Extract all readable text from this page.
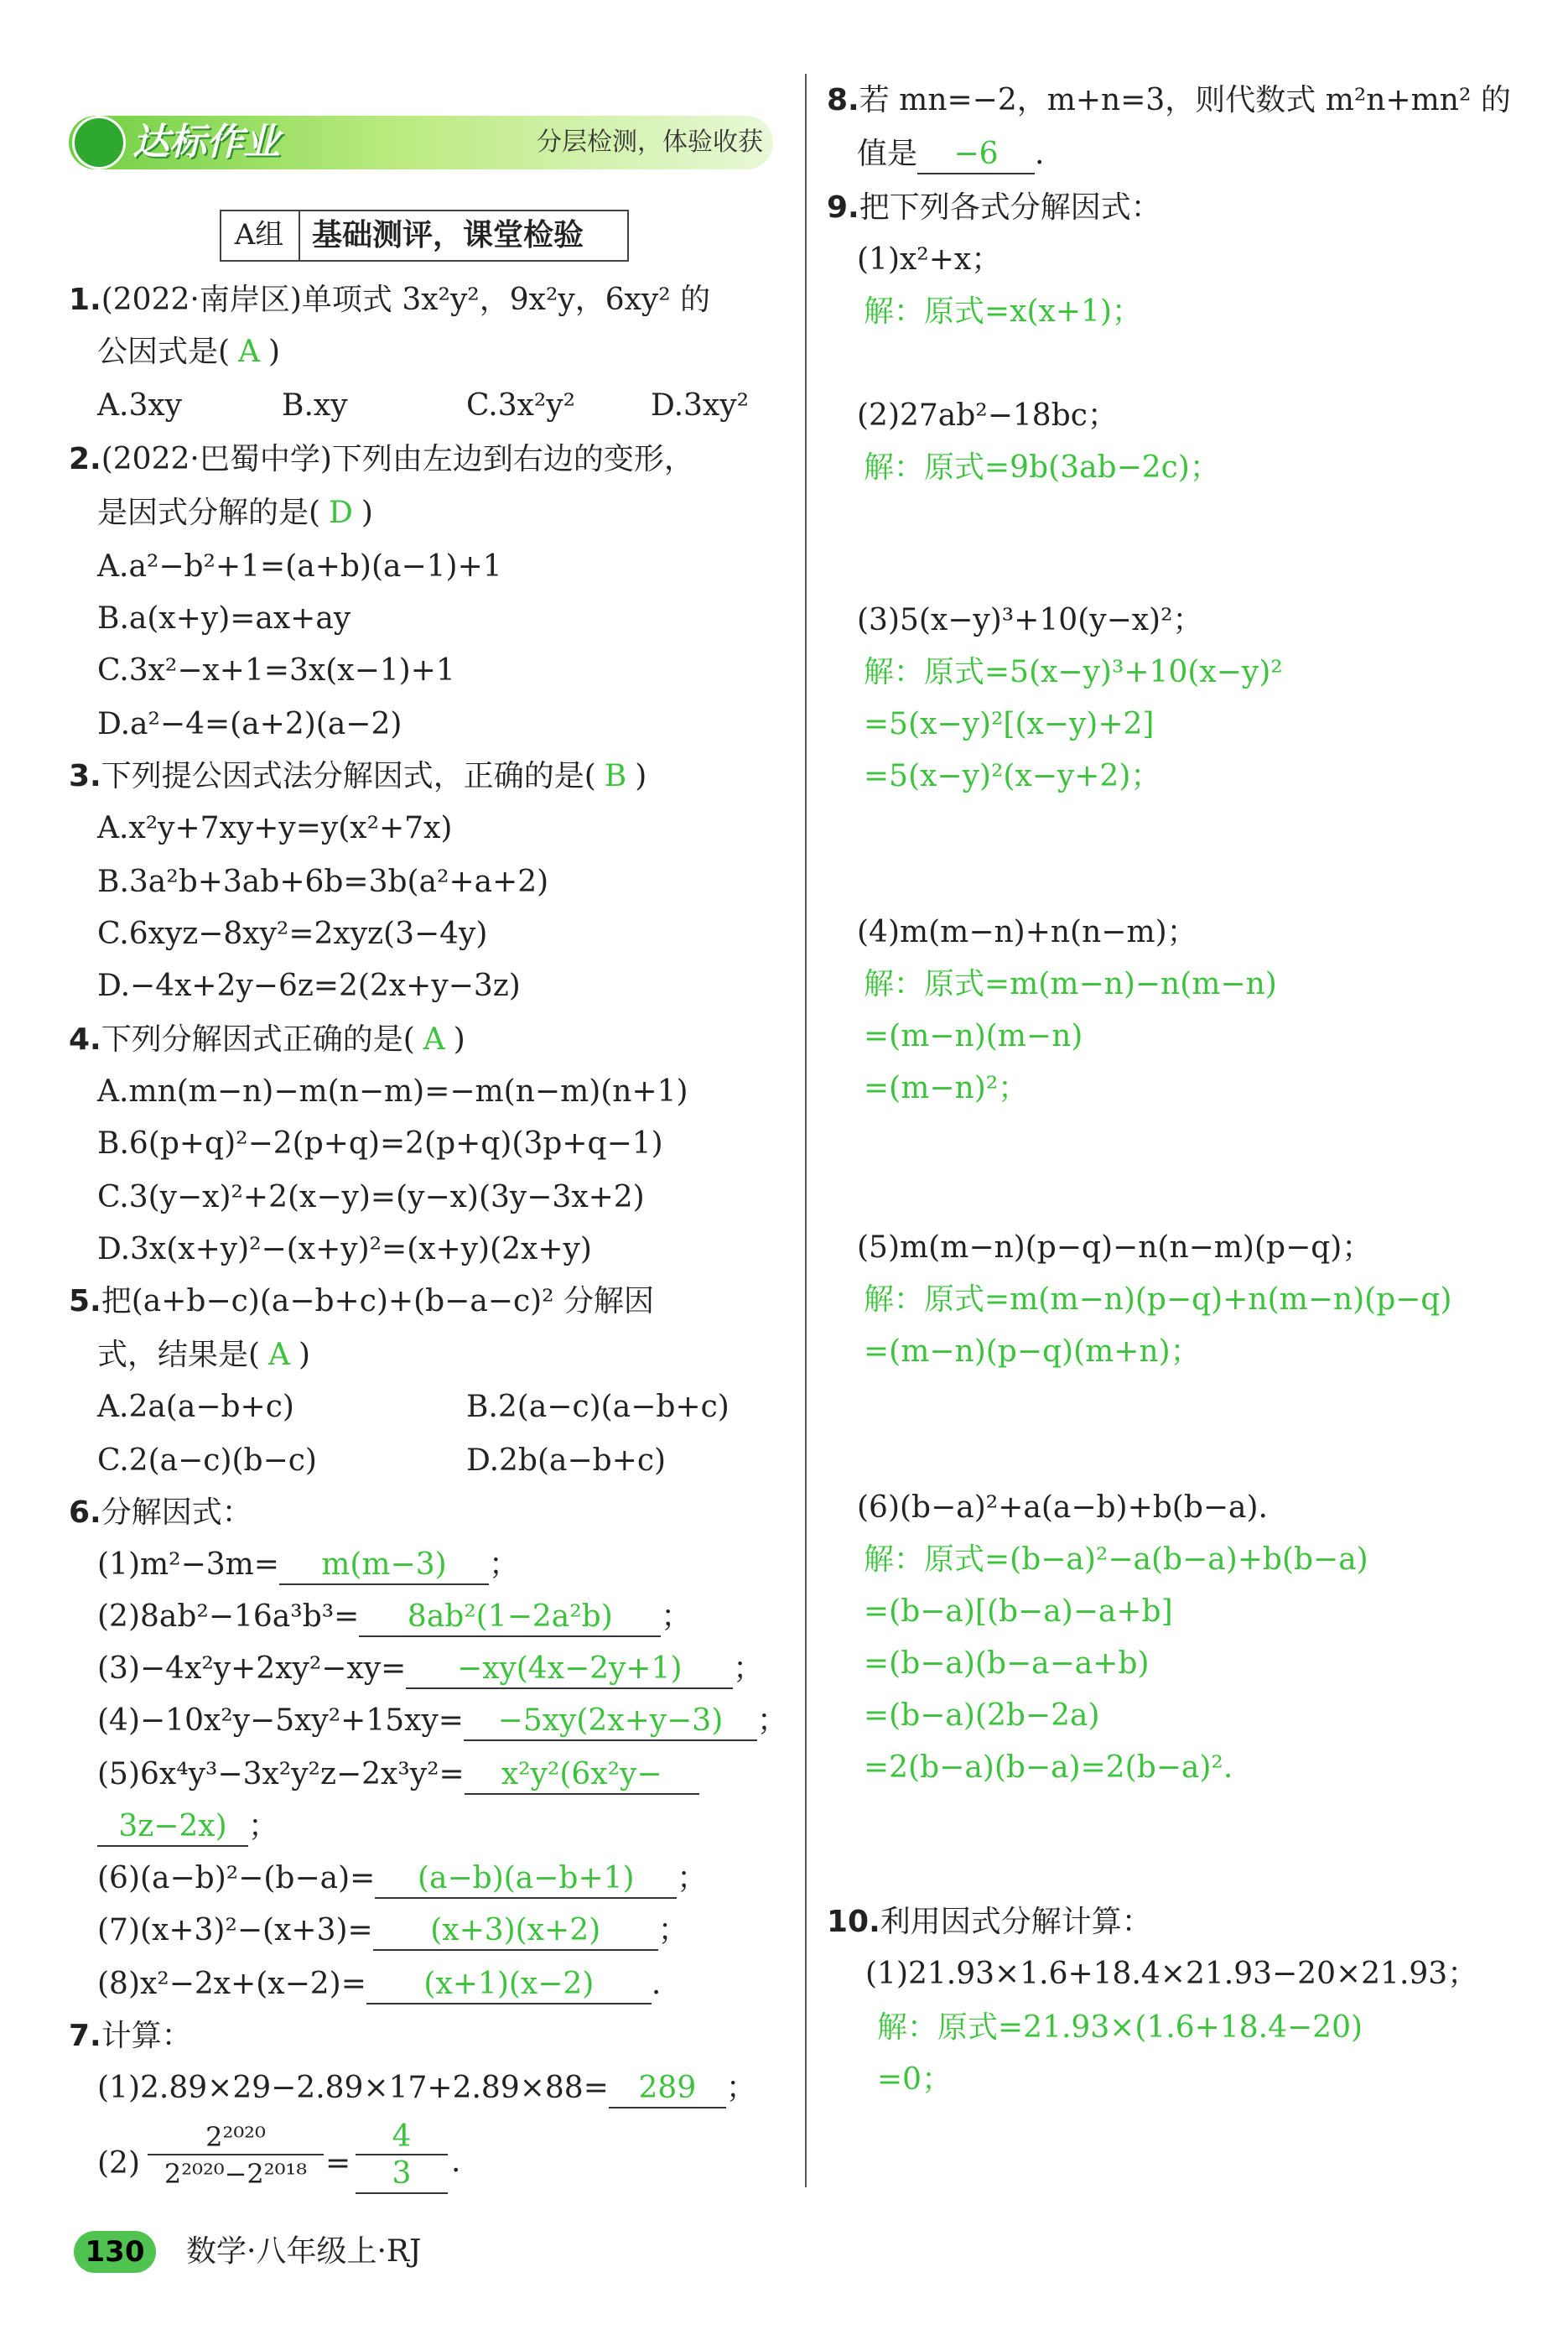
达标作业	分层检测，体验收获
A组 基础测评，课堂检验
1.(2022·南岸区)单项式 3x²y²，9x²y，6xy² 的
公因式是( A )
A.3xy	B.xy	C.3x²y² D.3xy²
2.(2022·巴蜀中学)下列由左边到右边的变形，
是因式分解的是( D )
A.a²−b²+1=(a+b)(a−1)+1
B.a(x+y)=ax+ay
C.3x²−x+1=3x(x−1)+1
D.a²−4=(a+2)(a−2)
3.下列提公因式法分解因式，正确的是( B )
A.x²y+7xy+y=y(x²+7x)
B.3a²b+3ab+6b=3b(a²+a+2)
C.6xyz−8xy²=2xyz(3−4y)
D.−4x+2y−6z=2(2x+y−3z)
4.下列分解因式正确的是( A )
A.mn(m−n)−m(n−m)=−m(n−m)(n+1)
B.6(p+q)²−2(p+q)=2(p+q)(3p+q−1)
C.3(y−x)²+2(x−y)=(y−x)(3y−3x+2)
D.3x(x+y)²−(x+y)²=(x+y)(2x+y)
5.把(a+b−c)(a−b+c)+(b−a−c)² 分解因
式，结果是( A )
A.2a(a−b+c)	B.2(a−c)(a−b+c)
C.2(a−c)(b−c)	D.2b(a−b+c)
6.分解因式：
(1)m²−3m= m(m−3) ；
(2)8ab²−16a³b³= 8ab²(1−2a²b) ；
(3)−4x²y+2xy²−xy= −xy(4x−2y+1) ；
(4)−10x²y−5xy²+15xy= −5xy(2x+y−3) ；
(5)6x⁴y³−3x²y²z−2x³y²= x²y²(6x²y−
3z−2x) ；
(6)(a−b)²−(b−a)= (a−b)(a−b+1) ；
(7)(x+3)²−(x+3)= (x+3)(x+2) ；
(8)x²−2x+(x−2)= (x+1)(x−2) .
7.计算：
(1)2.89×29−2.89×17+2.89×88= 289 ；
$(2) \frac{\text{2²⁰²⁰}}{\text{2²⁰²⁰−2²⁰¹⁸}} = \frac{4}{3}$ .
8.若 mn=−2，m+n=3，则代数式 m²n+mn² 的
值是 −6 .
9.把下列各式分解因式：
(1)x²+x；
解：原式=x(x+1)；
(2)27ab²−18bc；
解：原式=9b(3ab−2c)；
(3)5(x−y)³+10(y−x)²；
解：原式=5(x−y)³+10(x−y)²
=5(x−y)²[(x−y)+2]
=5(x−y)²(x−y+2)；
(4)m(m−n)+n(n−m)；
解：原式=m(m−n)−n(m−n)
=(m−n)(m−n)
=(m−n)²；
(5)m(m−n)(p−q)−n(n−m)(p−q)；
解：原式=m(m−n)(p−q)+n(m−n)(p−q)
=(m−n)(p−q)(m+n)；
(6)(b−a)²+a(a−b)+b(b−a).
解：原式=(b−a)²−a(b−a)+b(b−a)
=(b−a)[(b−a)−a+b]
=(b−a)(b−a−a+b)
=(b−a)(2b−2a)
=2(b−a)(b−a)=2(b−a)².
10.利用因式分解计算：
(1)21.93×1.6+18.4×21.93−20×21.93；
解：原式=21.93×(1.6+18.4−20)
=0；
130	数学·八年级上·RJ
